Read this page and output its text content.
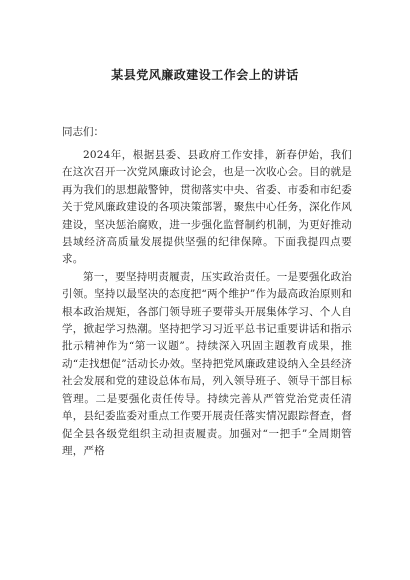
某县党风廉政建设工作会上的讲话
同志们：

2024年，根据县委、县政府工作安排，新春伊始，我们在这次召开一次党风廉政讨论会，也是一次收心会。目的就是再为我们的思想敲警钟，贯彻落实中央、省委、市委和市纪委关于党风廉政建设的各项决策部署，聚焦中心任务，深化作风建设，坚决惩治腐败，进一步强化监督制约机制，为更好推动县域经济高质量发展提供坚强的纪律保障。下面我提四点要求。

第一，要坚持明责履责，压实政治责任。一是要强化政治引领。坚持以最坚决的态度把“两个维护”作为最高政治原则和根本政治规矩，各部门领导班子要带头开展集体学习、个人自学，掀起学习热潮。坚持把学习习近平总书记重要讲话和指示批示精神作为“第一议题”。持续深入巩固主题教育成果，推动“走找想促”活动长办效。坚持把党风廉政建设纳入全县经济社会发展和党的建设总体布局，列入领导班子、领导干部目标管理。二是要强化责任传导。持续完善从严管党治党责任清单，县纪委监委对重点工作要开展责任落实情况跟踪督查，督促全县各级党组织主动担责履责。加强对“一把手”全周期管理，严格
